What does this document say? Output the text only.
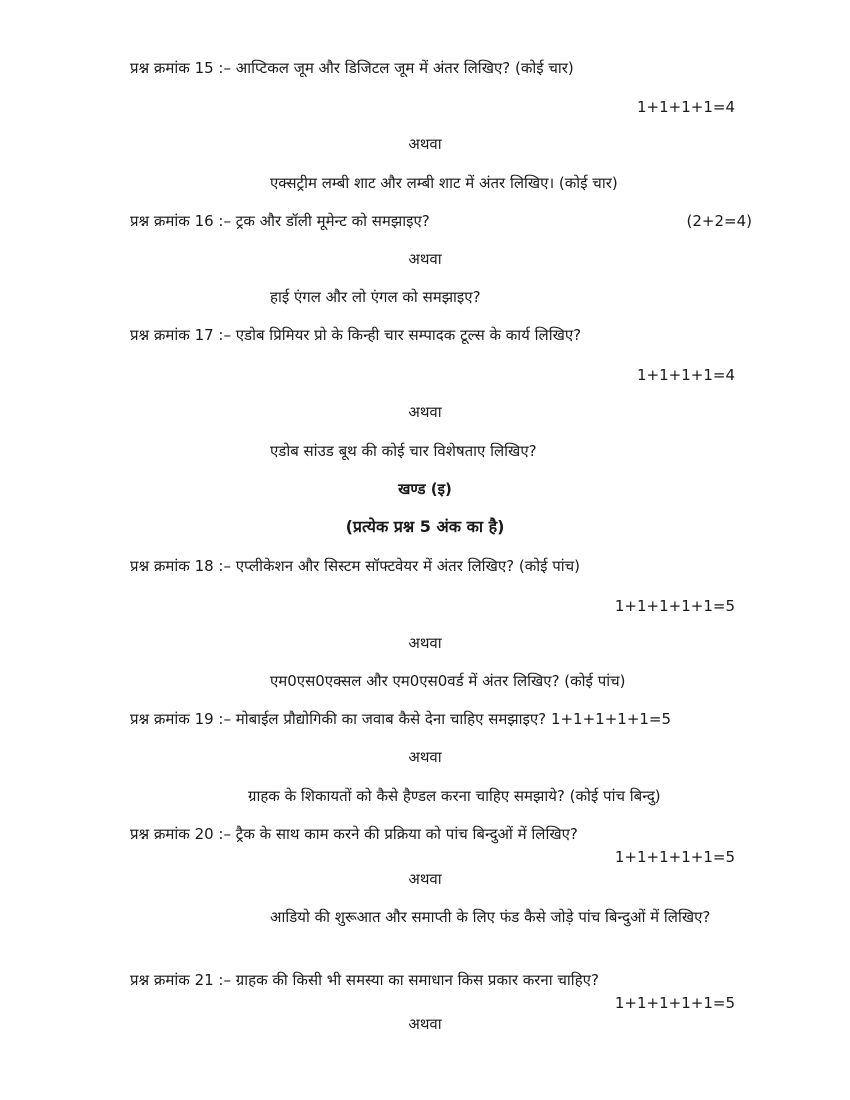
प्रश्न क्रमांक 15 :– आप्टिकल जूम और डिजिटल जूम में अंतर लिखिए? (कोई चार)
1+1+1+1=4
अथवा
एक्सट्रीम लम्बी शाट और लम्बी शाट में अंतर लिखिए। (कोई चार)
प्रश्न क्रमांक 16 :– ट्रक और डॉली मूमेन्ट को समझाइए?	(2+2=4)
अथवा
हाई एंगल और लो एंगल को समझाइए?
प्रश्न क्रमांक 17 :– एडोब प्रिमियर प्रो के किन्ही चार सम्पादक टूल्स के कार्य लिखिए?
1+1+1+1=4
अथवा
एडोब सांउड बूथ की कोई चार विशेषताए लिखिए?
खण्ड (इ)
(प्रत्येक प्रश्न 5 अंक का है)
प्रश्न क्रमांक 18 :– एप्लीकेशन और सिस्टम सॉफ्टवेयर में अंतर लिखिए? (कोई पांच)
1+1+1+1+1=5
अथवा
एम0एस0एक्सल और एम0एस0वर्ड में अंतर लिखिए? (कोई पांच)
प्रश्न क्रमांक 19 :– मोबाईल प्रौद्योगिकी का जवाब कैसे देना चाहिए समझाइए? 1+1+1+1+1=5
अथवा
ग्राहक के शिकायतों को कैसे हैण्डल करना चाहिए समझाये? (कोई पांच बिन्दु)
प्रश्न क्रमांक 20 :– ट्रैक के साथ काम करने की प्रक्रिया को पांच बिन्दुओं में लिखिए?
1+1+1+1+1=5
अथवा
आडियो की शुरूआत और समाप्ती के लिए फंड कैसे जोड़े पांच बिन्दुओं में लिखिए?
प्रश्न क्रमांक 21 :– ग्राहक की किसी भी समस्या का समाधान किस प्रकार करना चाहिए?
1+1+1+1+1=5
अथवा
